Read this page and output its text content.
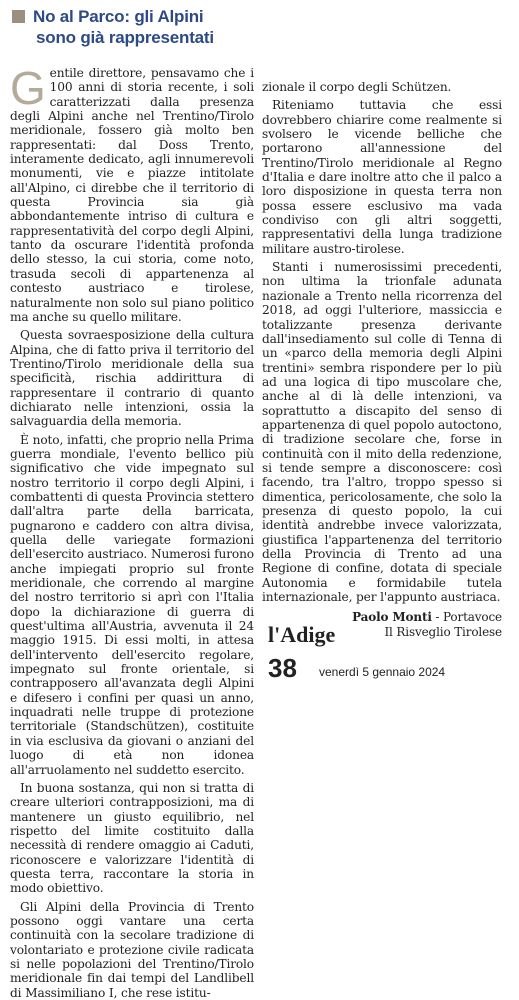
No al Parco: gli Alpini
sono già rappresentati

Gentile direttore, pensavamo che i 100 anni di storia recente, i soli caratterizzati dalla presenza degli Alpini anche nel Trentino/Tirolo meridionale, fossero già molto ben rappresentati: dal Doss Trento, interamente dedicato, agli innumerevoli monumenti, vie e piazze intitolate all'Alpino, ci direbbe che il territorio di questa Provincia sia già abbondantemente intriso di cultura e rappresentatività del corpo degli Alpini, tanto da oscurare l'identità profonda dello stesso, la cui storia, come noto, trasuda secoli di appartenenza al contesto austriaco e tirolese, naturalmente non solo sul piano politico ma anche su quello militare.

Questa sovraesposizione della cultura Alpina, che di fatto priva il territorio del Trentino/Tirolo meridionale della sua specificità, rischia addirittura di rappresentare il contrario di quanto dichiarato nelle intenzioni, ossia la salvaguardia della memoria.

È noto, infatti, che proprio nella Prima guerra mondiale, l'evento bellico più significativo che vide impegnato sul nostro territorio il corpo degli Alpini, i combattenti di questa Provincia stettero dall'altra parte della barricata, pugnarono e caddero con altra divisa, quella delle variegate formazioni dell'esercito austriaco. Numerosi furono anche impiegati proprio sul fronte meridionale, che correndo al margine del nostro territorio si aprì con l'Italia dopo la dichiarazione di guerra di quest'ultima all'Austria, avvenuta il 24 maggio 1915. Di essi molti, in attesa dell'intervento dell'esercito regolare, impegnato sul fronte orientale, si contrapposero all'avanzata degli Alpini e difesero i confini per quasi un anno, inquadrati nelle truppe di protezione territoriale (Standschützen), costituite in via esclusiva da giovani o anziani del luogo di età non idonea all'arruolamento nel suddetto esercito.

In buona sostanza, qui non si tratta di creare ulteriori contrapposizioni, ma di mantenere un giusto equilibrio, nel rispetto del limite costituito dalla necessità di rendere omaggio ai Caduti, riconoscere e valorizzare l'identità di questa terra, raccontare la storia in modo obiettivo.

Gli Alpini della Provincia di Trento possono oggi vantare una certa continuità con la secolare tradizione di volontariato e protezione civile radicata si nelle popolazioni del Trentino/Tirolo meridionale fin dai tempi del Landlibell di Massimiliano I, che rese istitu-

zionale il corpo degli Schützen.

Riteniamo tuttavia che essi dovrebbero chiarire come realmente si svolsero le vicende belliche che portarono all'annessione del Trentino/Tirolo meridionale al Regno d'Italia e dare inoltre atto che il palco a loro disposizione in questa terra non possa essere esclusivo ma vada condiviso con gli altri soggetti, rappresentativi della lunga tradizione militare austro-tirolese.

Stanti i numerosissimi precedenti, non ultima la trionfale adunata nazionale a Trento nella ricorrenza del 2018, ad oggi l'ulteriore, massiccia e totalizzante presenza derivante dall'insediamento sul colle di Tenna di un «parco della memoria degli Alpini trentini» sembra rispondere per lo più ad una logica di tipo muscolare che, anche al di là delle intenzioni, va soprattutto a discapito del senso di appartenenza di quel popolo autoctono, di tradizione secolare che, forse in continuità con il mito della redenzione, si tende sempre a disconoscere: così facendo, tra l'altro, troppo spesso si dimentica, pericolosamente, che solo la presenza di questo popolo, la cui identità andrebbe invece valorizzata, giustifica l'appartenenza del territorio della Provincia di Trento ad una Regione di confine, dotata di speciale Autonomia e formidabile tutela internazionale, per l'appunto austriaca.

Paolo Monti - Portavoce
Il Risveglio Tirolese
l'Adige
38 venerdì 5 gennaio 2024
